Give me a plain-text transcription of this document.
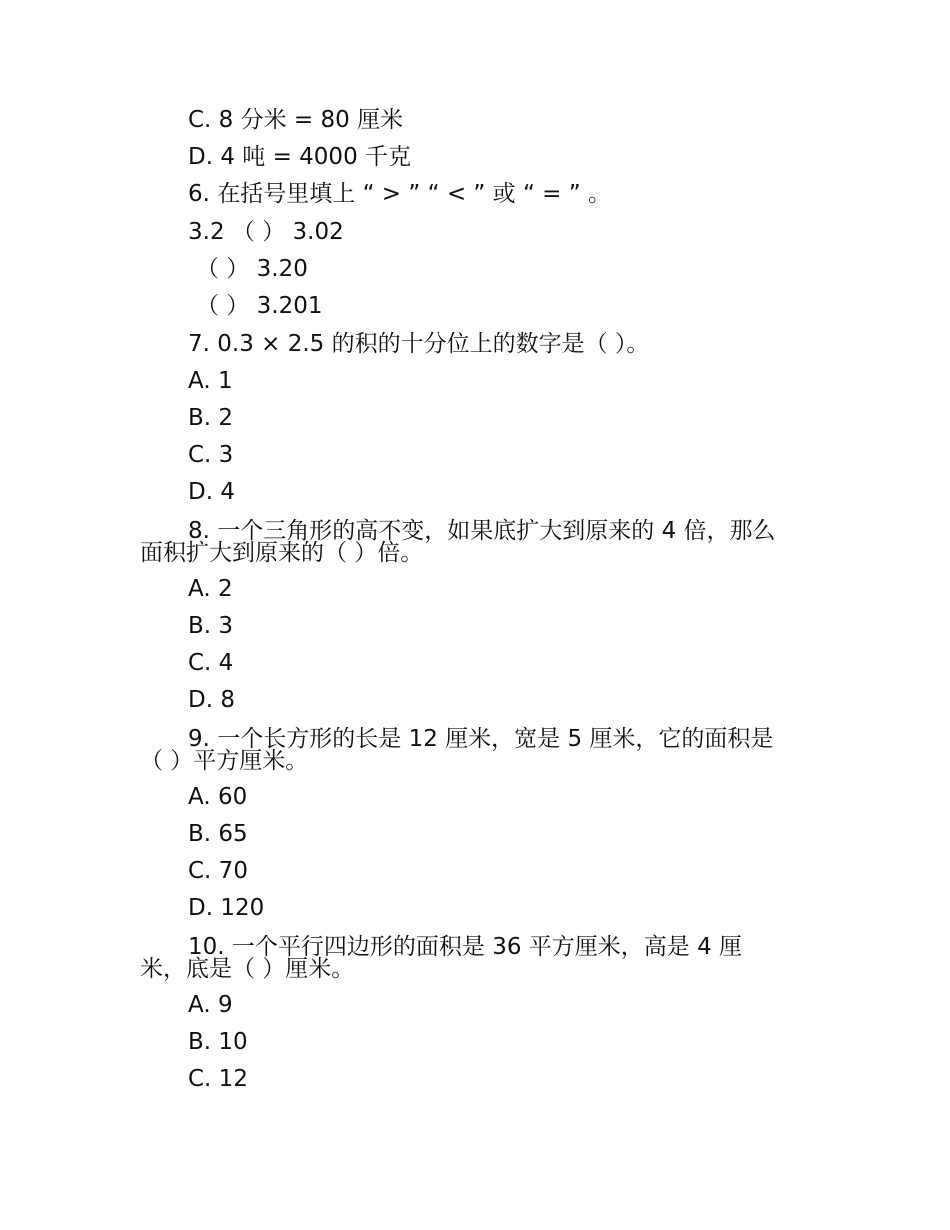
C. 8 分米 = 80 厘米
D. 4 吨 = 4000 千克
6. 在括号里填上 “ > ” “ < ” 或 “ = ” 。
3.2 （ ） 3.02
（ ） 3.20
（ ） 3.201
7. 0.3 × 2.5 的积的十分位上的数字是（ ）。
A. 1
B. 2
C. 3
D. 4
8. 一个三角形的高不变，如果底扩大到原来的 4 倍，那么
面积扩大到原来的（ ）倍。
A. 2
B. 3
C. 4
D. 8
9. 一个长方形的长是 12 厘米，宽是 5 厘米，它的面积是
（ ）平方厘米。
A. 60
B. 65
C. 70
D. 120
10. 一个平行四边形的面积是 36 平方厘米，高是 4 厘
米，底是（ ）厘米。
A. 9
B. 10
C. 12
